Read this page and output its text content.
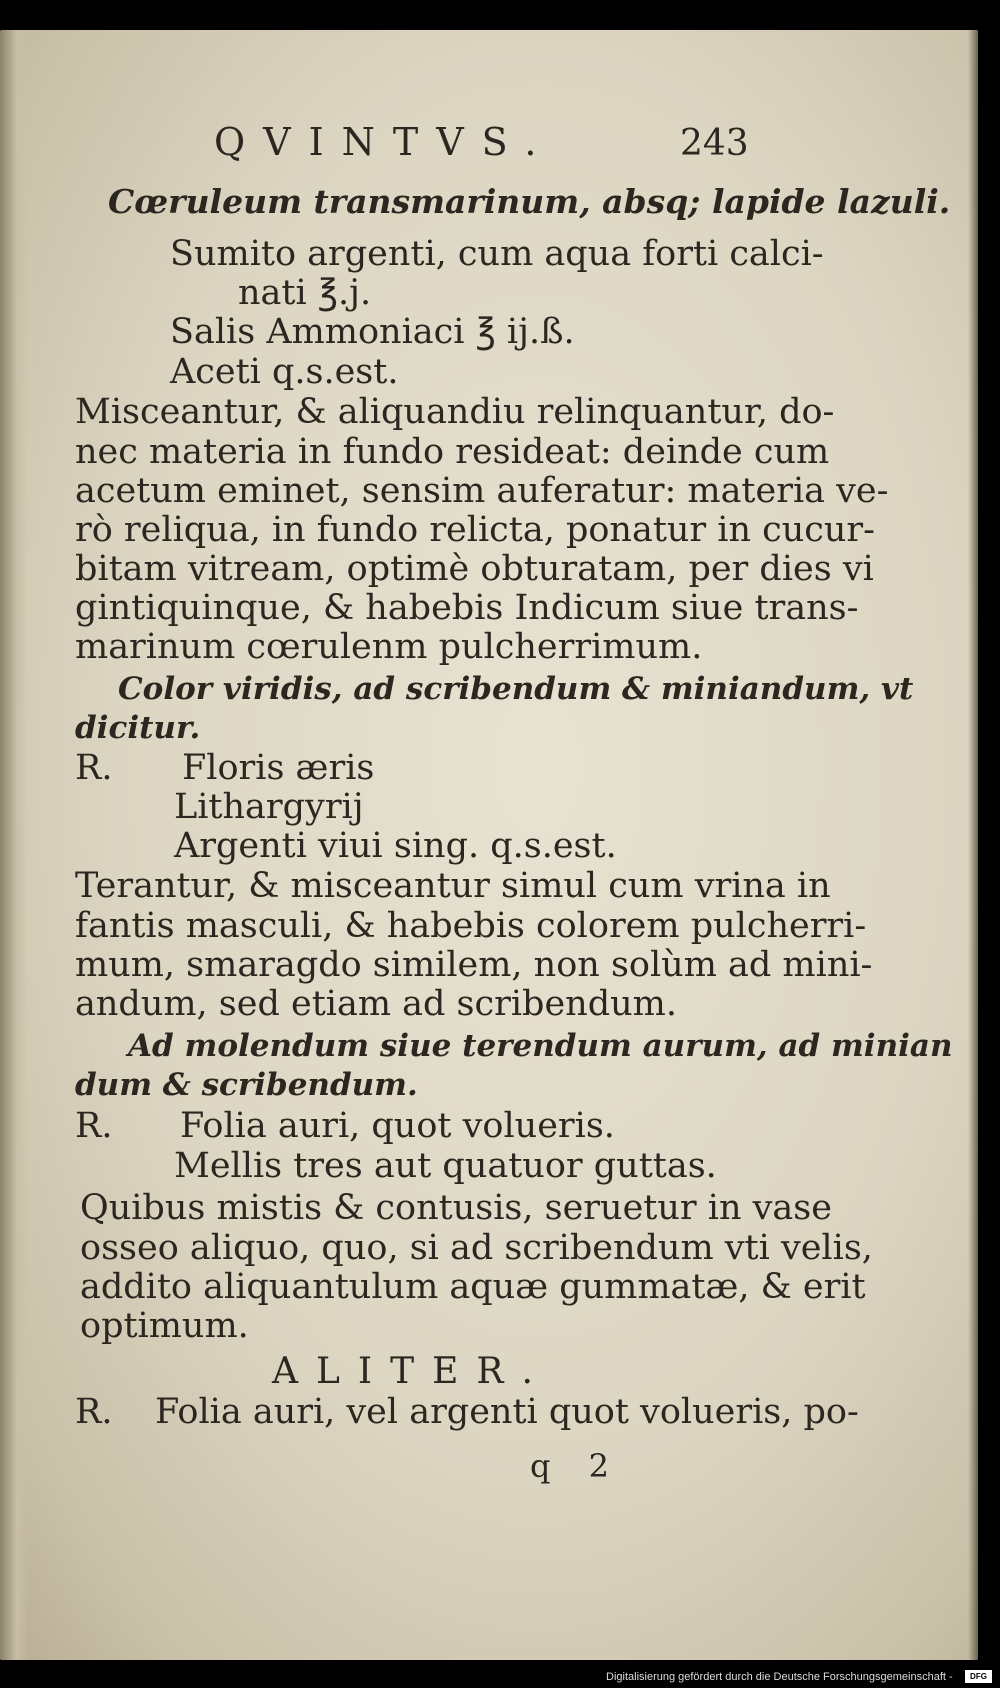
QVINTVS.	243
Cœruleum transmarinum, absq; lapide lazuli.
Sumito argenti, cum aqua forti calci-
nati ℥.j.
Salis Ammoniaci ℥ ij.ß.
Aceti q.s.est.
Misceantur, & aliquandiu relinquantur, do-
nec materia in fundo resideat: deinde cum
acetum eminet, sensim auferatur: materia ve-
rò reliqua, in fundo relicta, ponatur in cucur-
bitam vitream, optimè obturatam, per dies vi
gintiquinque, & habebis Indicum siue trans-
marinum cœrulenm pulcherrimum.
Color viridis, ad scribendum & miniandum, vt
dicitur.
R. Floris æris
Lithargyrij
Argenti viui sing. q.s.est.
Terantur, & misceantur simul cum vrina in
fantis masculi, & habebis colorem pulcherri-
mum, smaragdo similem, non solùm ad mini-
andum, sed etiam ad scribendum.
Ad molendum siue terendum aurum, ad minian
dum & scribendum.
R. Folia auri, quot volueris.
Mellis tres aut quatuor guttas.
Quibus mistis & contusis, seruetur in vase
osseo aliquo, quo, si ad scribendum vti velis,
addito aliquantulum aquæ gummatæ, & erit
optimum.
ALITER.
R. Folia auri, vel argenti quot volueris, po-
q 2
Digitalisierung gefördert durch die Deutsche Forschungsgemeinschaft -	DFG
